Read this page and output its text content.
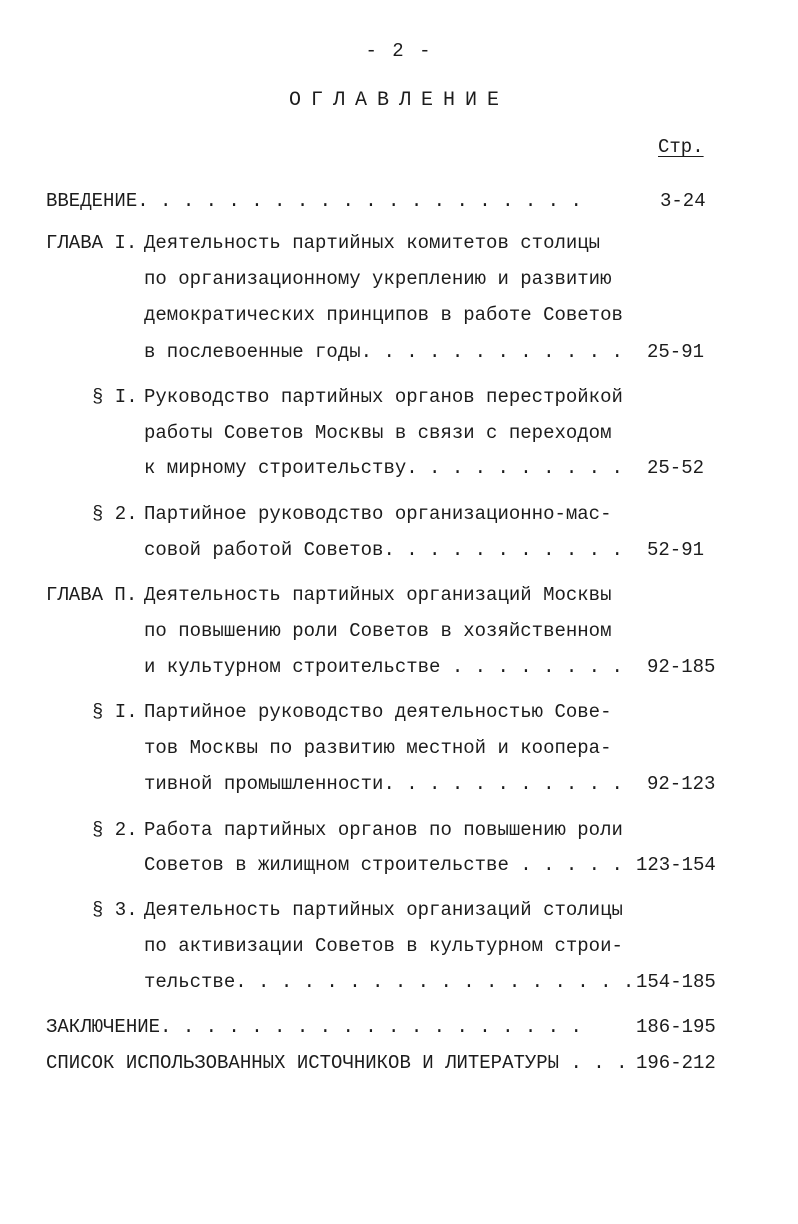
- 2 -
ОГЛАВЛЕНИЕ
Стр.
ВВЕДЕНИЕ. . . . . . . . . . . . . . . . . . . .	3-24
ГЛАВА I. Деятельность партийных комитетов столицы
по организационному укреплению и развитию
демократических принципов в работе Советов
в послевоенные годы. . . . . . . . . . . . 25-91
§ I. Руководство партийных органов перестройкой
работы Советов Москвы в связи с переходом
к мирному строительству. . . . . . . . . . 25-52
§ 2. Партийное руководство организационно-мас-
совой работой Советов. . . . . . . . . . . 52-91
ГЛАВА П. Деятельность партийных организаций Москвы
по повышению роли Советов в хозяйственном
и культурном строительстве . . . . . . . . 92-185
§ I. Партийное руководство деятельностью Сове-
тов Москвы по развитию местной и коопера-
тивной промышленности. . . . . . . . . . . 92-123
§ 2. Работа партийных органов по повышению роли
Советов в жилищном строительстве . . . . . 123-154
§ 3. Деятельность партийных организаций столицы
по активизации Советов в культурном строи-
тельстве. . . . . . . . . . . . . . . . . . 154-185
ЗАКЛЮЧЕНИЕ. . . . . . . . . . . . . . . . . . .	186-195
СПИСОК ИСПОЛЬЗОВАННЫХ ИСТОЧНИКОВ И ЛИТЕРАТУРЫ . . . 196-212
